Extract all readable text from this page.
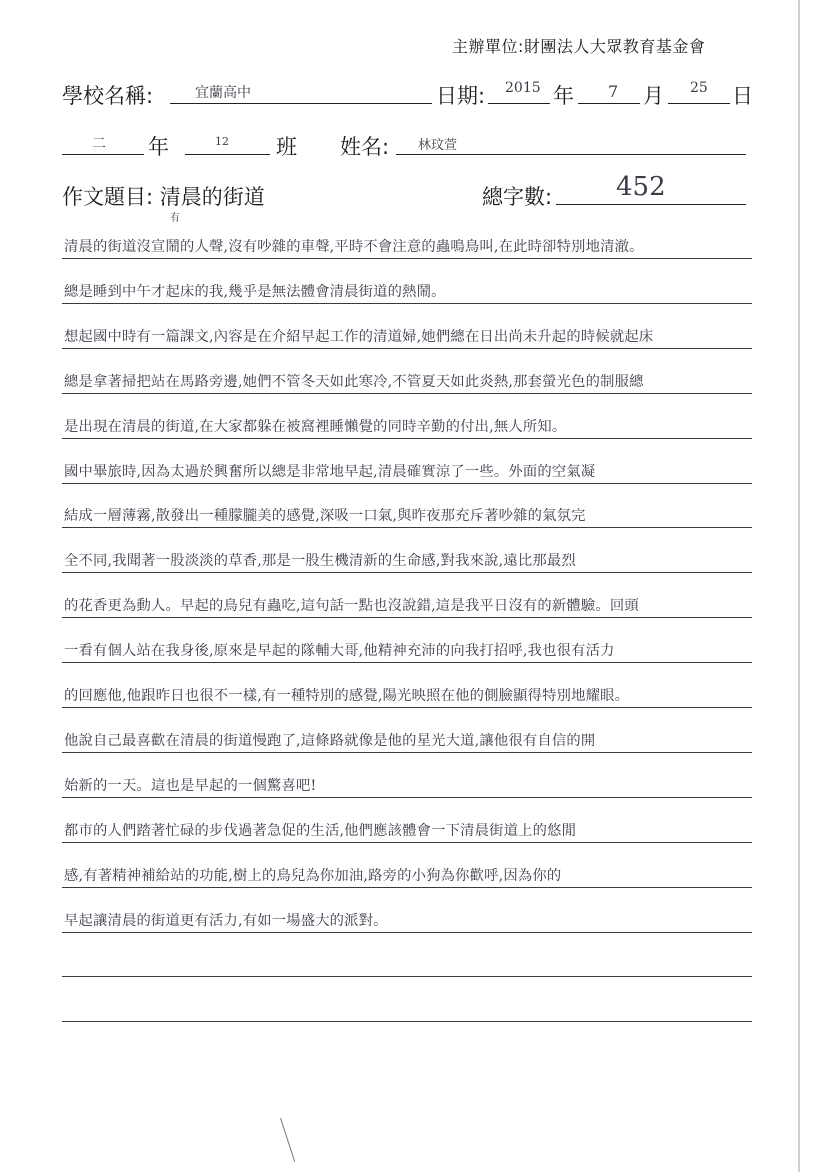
主辦單位:財團法人大眾教育基金會
學校名稱:	宜蘭高中	日期: 2015 年 7 月 25 日
二 年	12 班 姓名: 林玟萱
作文題目: 清晨的街道	總字數: 452
有
清晨的街道沒宣鬧的人聲,沒有吵雜的車聲,平時不會注意的蟲鳴鳥叫,在此時卻特別地清澈。
總是睡到中午才起床的我,幾乎是無法體會清晨街道的熱鬧。
想起國中時有一篇課文,內容是在介紹早起工作的清道婦,她們總在日出尚未升起的時候就起床
總是拿著掃把站在馬路旁邊,她們不管冬天如此寒冷,不管夏天如此炎熱,那套螢光色的制服總
是出現在清晨的街道,在大家都躲在被窩裡睡懶覺的同時辛勤的付出,無人所知。
國中畢旅時,因為太過於興奮所以總是非常地早起,清晨確實涼了一些。外面的空氣凝
結成一層薄霧,散發出一種朦朧美的感覺,深吸一口氣,與昨夜那充斥著吵雜的氣氛完
全不同,我聞著一股淡淡的草香,那是一股生機清新的生命感,對我來說,遠比那最烈
的花香更為動人。早起的鳥兒有蟲吃,這句話一點也沒說錯,這是我平日沒有的新體驗。回頭
一看有個人站在我身後,原來是早起的隊輔大哥,他精神充沛的向我打招呼,我也很有活力
的回應他,他跟昨日也很不一樣,有一種特別的感覺,陽光映照在他的側臉顯得特別地耀眼。
他說自己最喜歡在清晨的街道慢跑了,這條路就像是他的星光大道,讓他很有自信的開
始新的一天。這也是早起的一個驚喜吧!
都市的人們踏著忙碌的步伐過著急促的生活,他們應該體會一下清晨街道上的悠閒
感,有著精神補給站的功能,樹上的鳥兒為你加油,路旁的小狗為你歡呼,因為你的
早起讓清晨的街道更有活力,有如一場盛大的派對。
